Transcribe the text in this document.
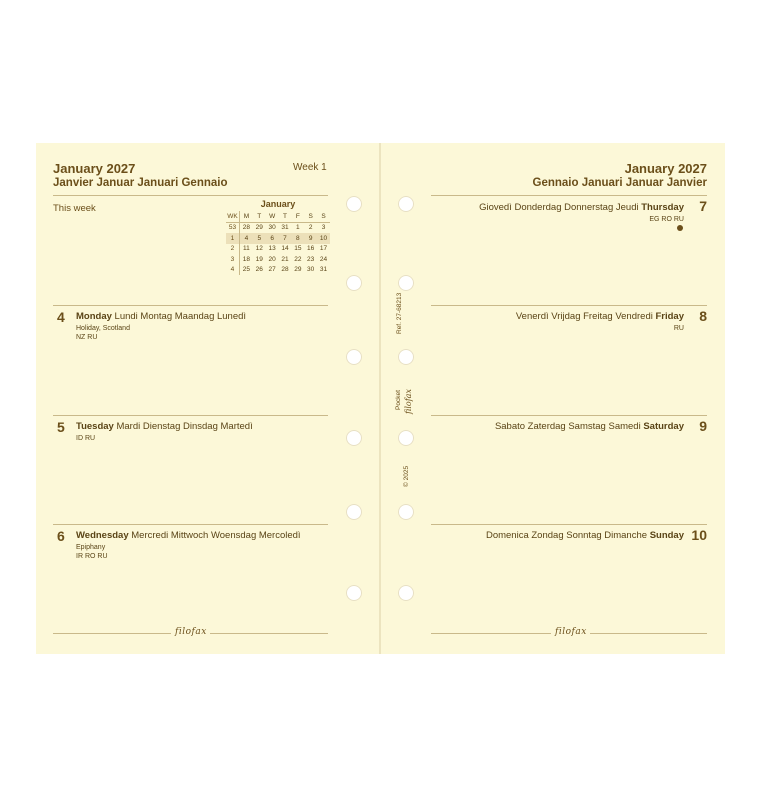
January 2027
Janvier Januar Januari Gennaio
Week 1
This week	January
WK	M	T	W	T	F	S	S
53	28	29	30	31	1	2	3
1	4	5	6	7	8	9	10
2	11	12	13	14	15	16	17
3	18	19	20	21	22	23	24
4	25	26	27	28	29	30	31
4 Monday Lundi Montag Maandag Lunedì
Holiday, Scotland
NZ RU
5 Tuesday Mardi Dienstag Dinsdag Martedì
ID RU
6 Wednesday Mercredi Mittwoch Woensdag Mercoledì
Epiphany
IR RO RU
filofax
Ref. 27-68213
Pocket filofax
© 2025
January 2027
Gennaio Januari Januar Janvier
7
Giovedì Donderdag Donnerstag Jeudi Thursday
EG RO RU
8
Venerdì Vrijdag Freitag Vendredi Friday
RU
9
Sabato Zaterdag Samstag Samedi Saturday
10
Domenica Zondag Sonntag Dimanche Sunday
filofax
